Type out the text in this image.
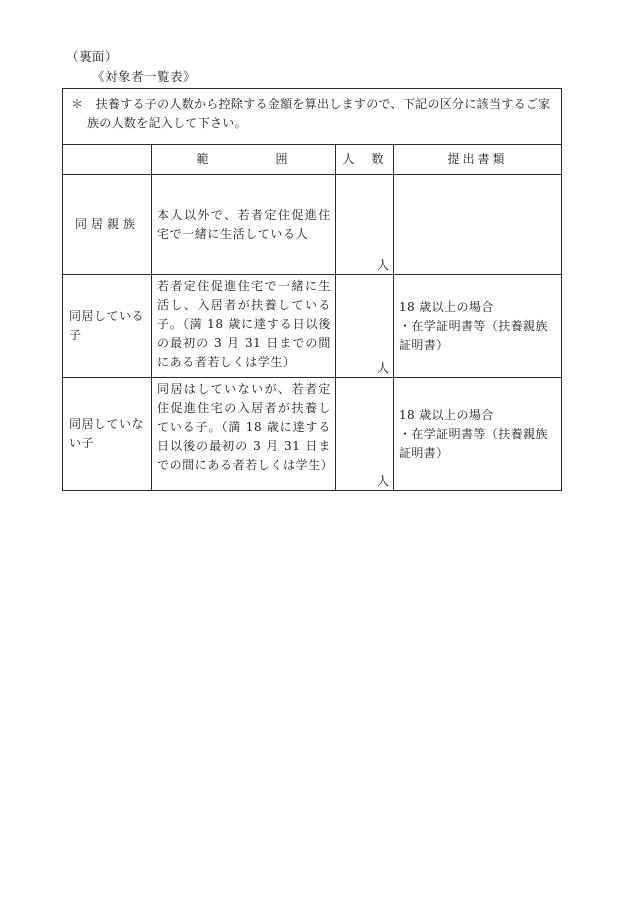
（裏面）
《対象者一覧表》
＊　扶養する子の人数から控除する金額を算出しますので、下記の区分に該当するご家
族の人数を記入して下さい。			

	範 囲	人 数	提出書類
同居親族	本人以外で、若者定住促進住宅で一緒に生活している人	人	

同居している子	若者定住促進住宅で一緒に生活し、入居者が扶養している子。（満 18 歳に達する日以後の最初の 3 月 31 日までの間にある者若しくは学生）	人	18 歳以上の場合
・在学証明書等（扶養親族
証明書）

同居していない子	同居はしていないが、若者定住促進住宅の入居者が扶養している子。（満 18 歳に達する日以後の最初の 3 月 31 日までの間にある者若しくは学生）	人	18 歳以上の場合
・在学証明書等（扶養親族
証明書）
